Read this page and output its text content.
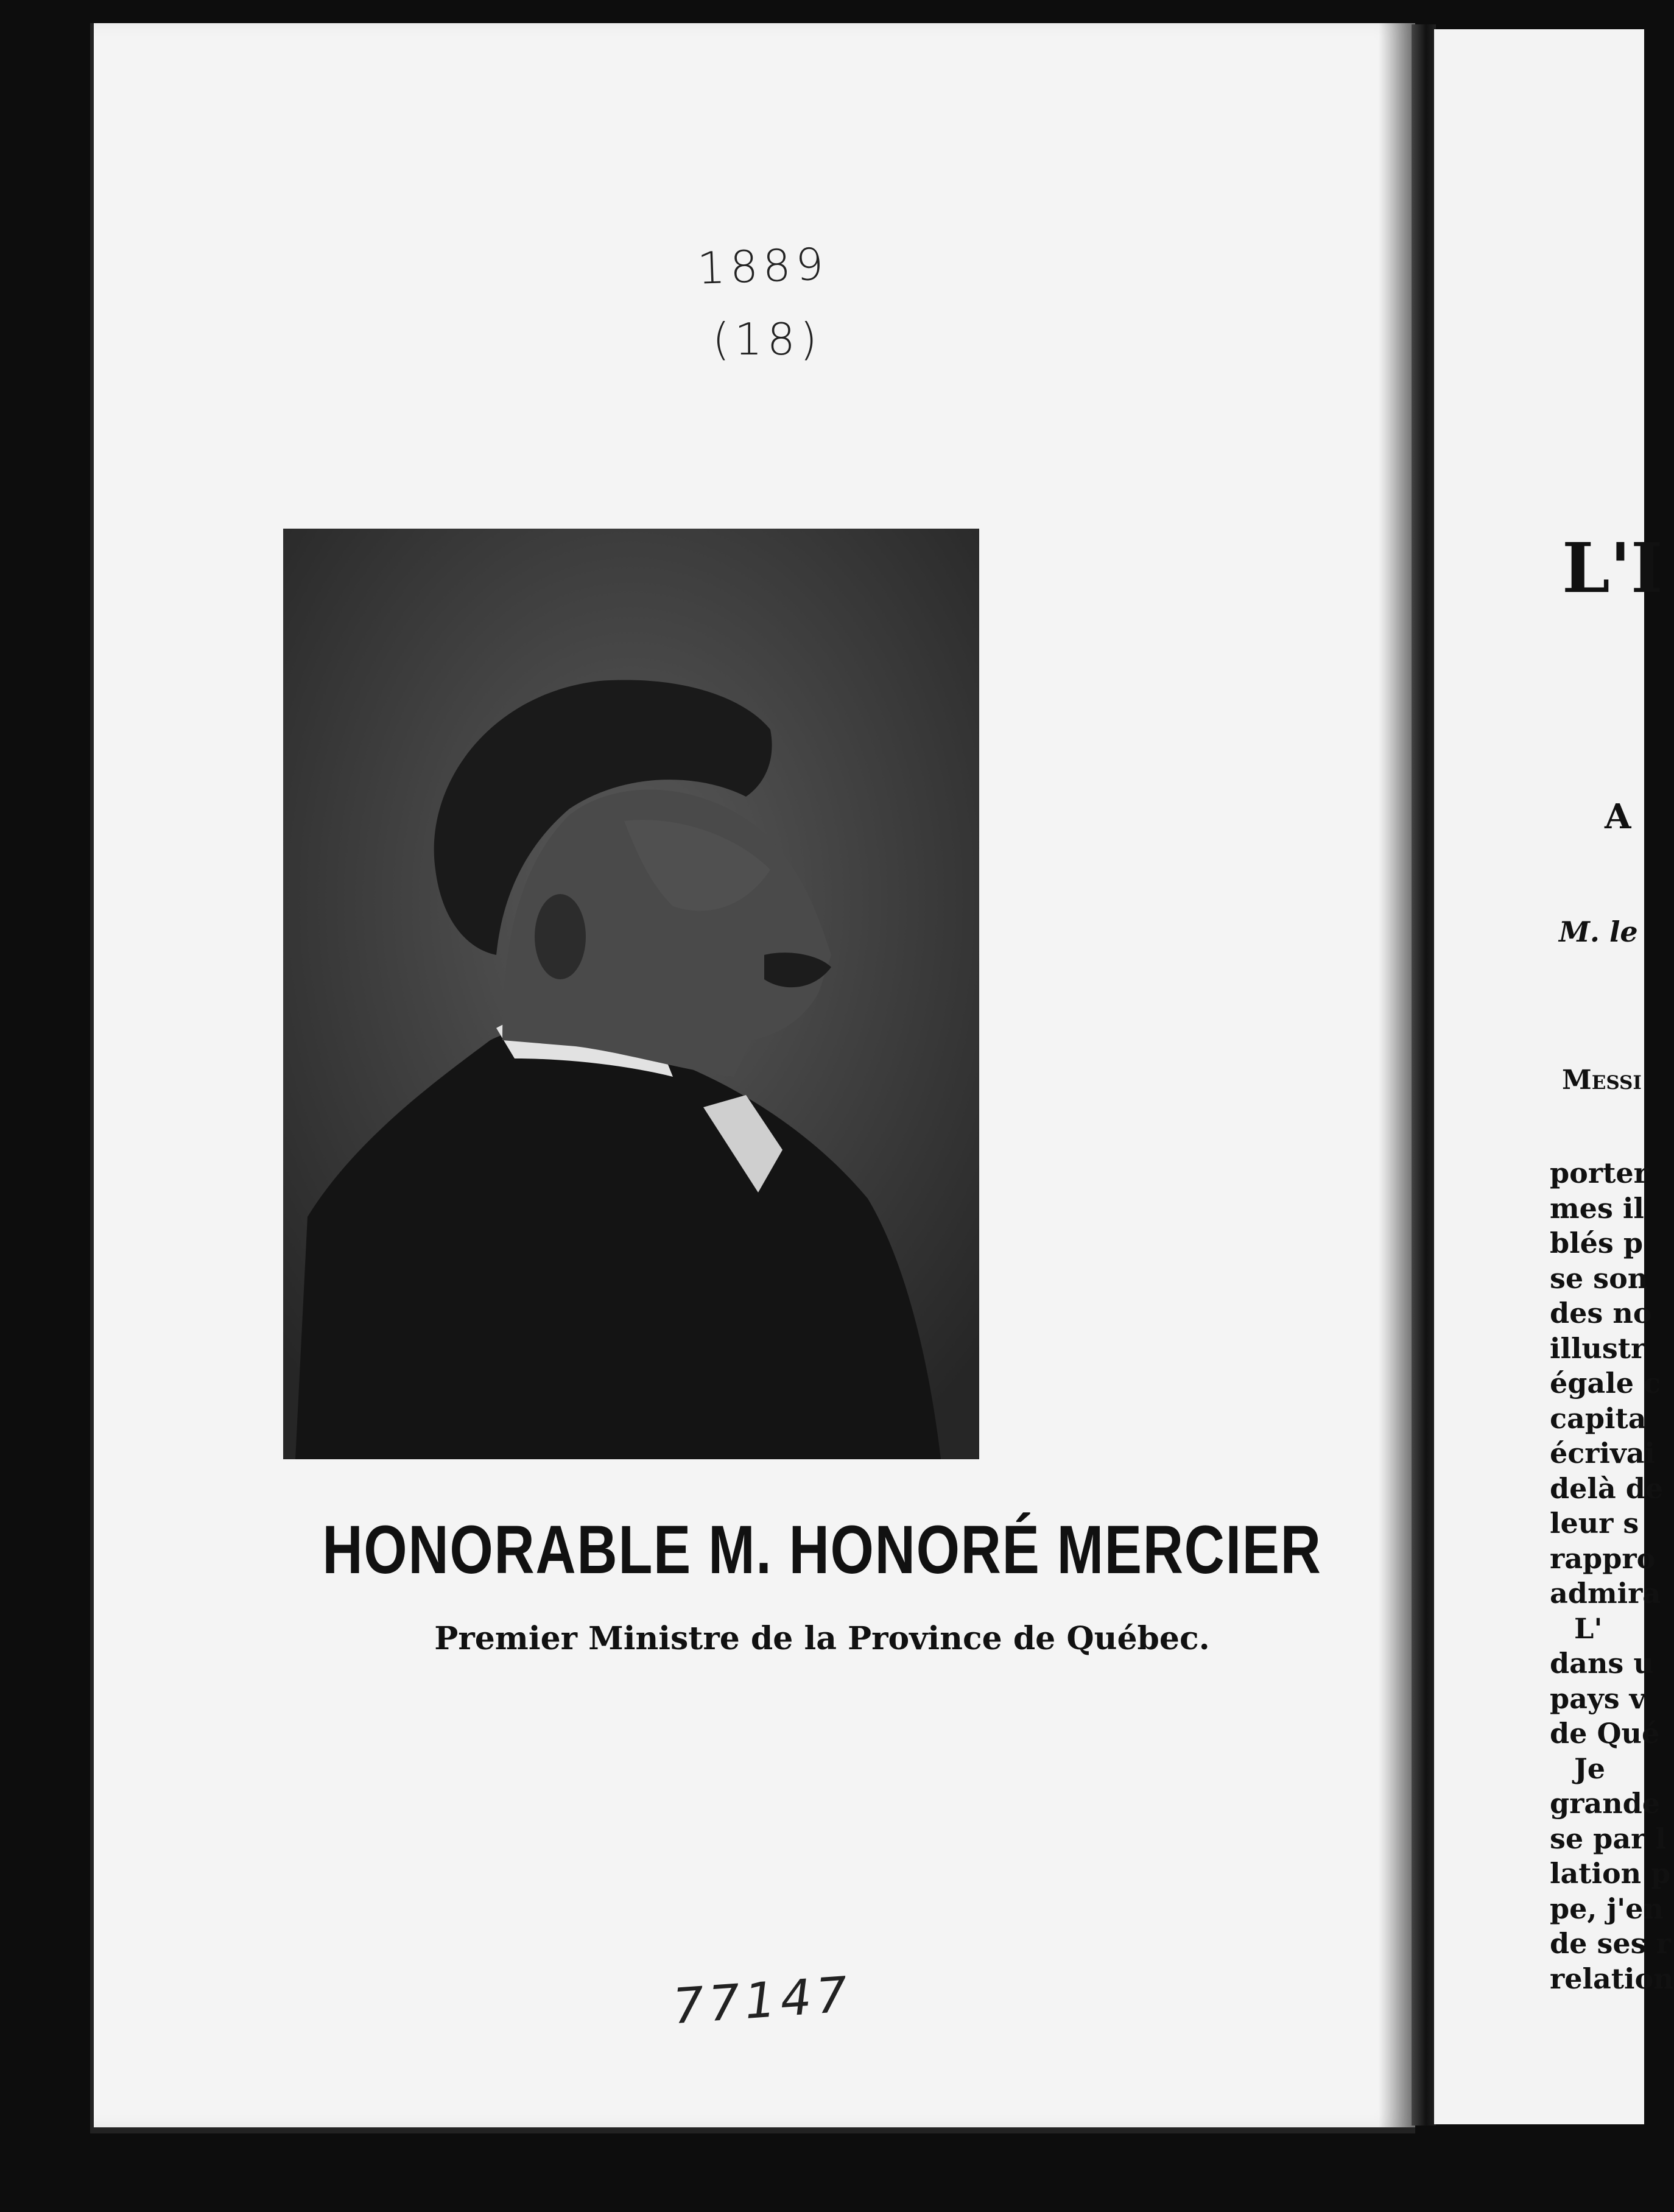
1889
(18)
HONORABLE M. HONORÉ MERCIER
Premier Ministre de la Province de Québec.
77147
L'I
A
M. le
Messi
porter
mes il
blés p
se son
des no
illustr
égale c
capita
écrivai
delà de
leur s
rappro
admira
L'
dans u
pays v
de Qué
Je
grande
se par l
lation p
pe, j'en
de ses r
relation
